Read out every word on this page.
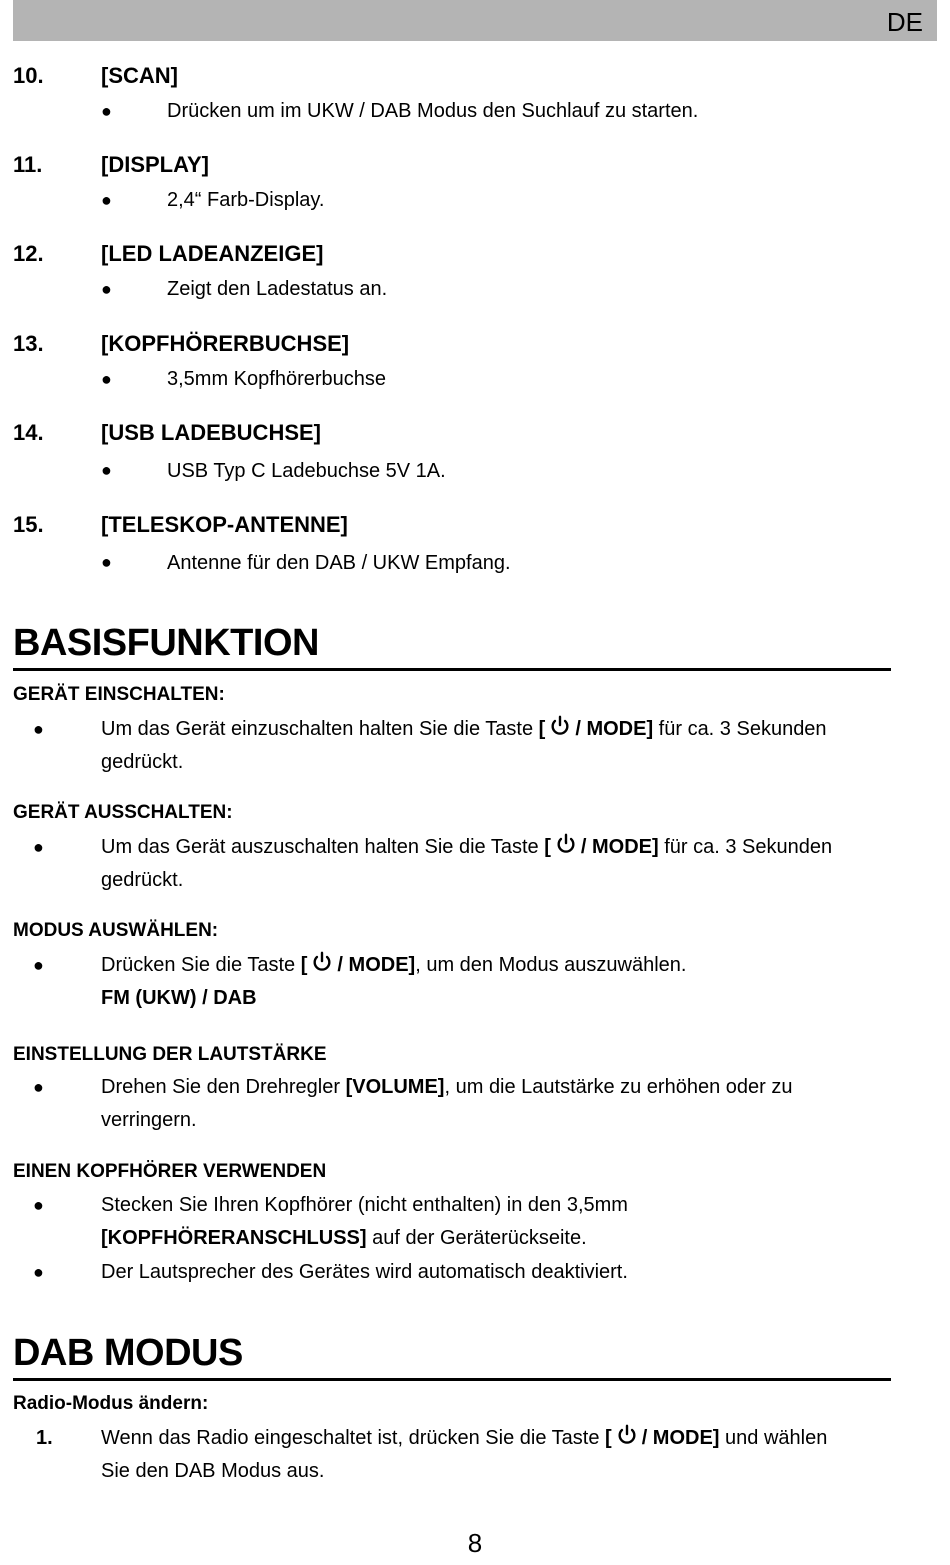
DE
10.	[SCAN]
●	Drücken um im UKW / DAB Modus den Suchlauf zu starten.
11.	[DISPLAY]
●	2,4“ Farb-Display.
12.	[LED LADEANZEIGE]
●	Zeigt den Ladestatus an.
13.	[KOPFHÖRERBUCHSE]
●	3,5mm Kopfhörerbuchse
14.	[USB LADEBUCHSE]
●	USB Typ C Ladebuchse 5V 1A.
15.	[TELESKOP-ANTENNE]
●	Antenne für den DAB / UKW Empfang.
BASISFUNKTION
GERÄT EINSCHALTEN:
●	Um das Gerät einzuschalten halten Sie die Taste [ / MODE] für ca. 3 Sekunden
gedrückt.
GERÄT AUSSCHALTEN:
●	Um das Gerät auszuschalten halten Sie die Taste [ / MODE] für ca. 3 Sekunden
gedrückt.
MODUS AUSWÄHLEN:
●	Drücken Sie die Taste [ / MODE], um den Modus auszuwählen.
FM (UKW) / DAB
EINSTELLUNG DER LAUTSTÄRKE
●	Drehen Sie den Drehregler [VOLUME], um die Lautstärke zu erhöhen oder zu
verringern.
EINEN KOPFHÖRER VERWENDEN
●	Stecken Sie Ihren Kopfhörer (nicht enthalten) in den 3,5mm
[KOPFHÖRERANSCHLUSS] auf der Geräterückseite.
●	Der Lautsprecher des Gerätes wird automatisch deaktiviert.
DAB MODUS
Radio-Modus ändern:
1. Wenn das Radio eingeschaltet ist, drücken Sie die Taste [ / MODE] und wählen
Sie den DAB Modus aus.
8
